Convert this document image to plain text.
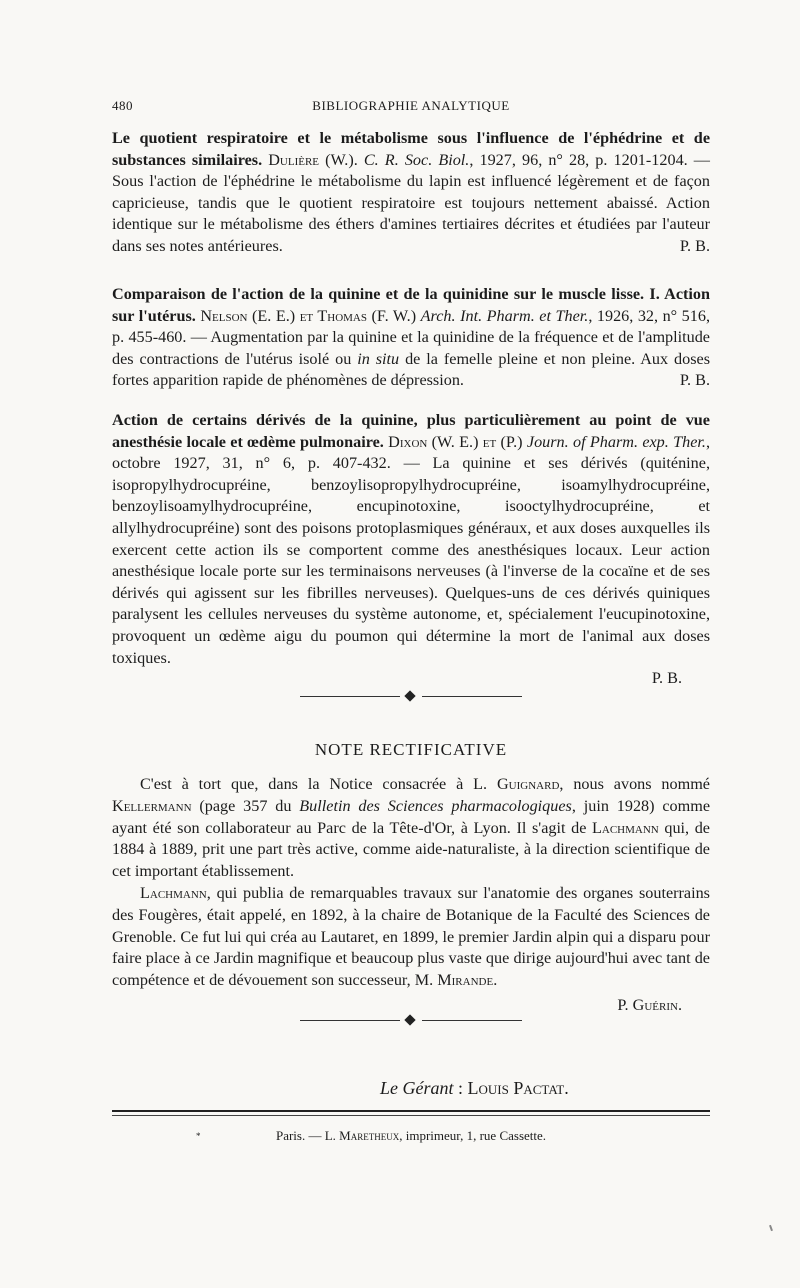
480	BIBLIOGRAPHIE ANALYTIQUE

Le quotient respiratoire et le métabolisme sous l'influence de l'éphédrine et de substances similaires. Dulière (W.). C. R. Soc. Biol., 1927, 96, n° 28, p. 1201-1204. — Sous l'action de l'éphédrine le métabolisme du lapin est influencé légèrement et de façon capricieuse, tandis que le quotient respiratoire est toujours nettement abaissé. Action identique sur le métabolisme des éthers d'amines tertiaires décrites et étudiées par l'auteur dans ses notes antérieures.	P. B.

Comparaison de l'action de la quinine et de la quinidine sur le muscle lisse. I. Action sur l'utérus. Nelson (E. E.) et Thomas (F. W.) Arch. Int. Pharm. et Ther., 1926, 32, n° 516, p. 455-460. — Augmentation par la quinine et la quinidine de la fréquence et de l'amplitude des contractions de l'utérus isolé ou in situ de la femelle pleine et non pleine. Aux doses fortes apparition rapide de phénomènes de dépression.	P. B.

Action de certains dérivés de la quinine, plus particulièrement au point de vue anesthésie locale et œdème pulmonaire. Dixon (W. E.) et (P.) Journ. of Pharm. exp. Ther., octobre 1927, 31, n° 6, p. 407-432. — La quinine et ses dérivés (quiténine, isopropylhydrocupréine, benzoylisopropylhydrocupréine, isoamylhydrocupréine, benzoylisoamylhydrocupréine, encupinotoxine, isooctylhydrocupréine, et allylhydrocupréine) sont des poisons protoplasmiques généraux, et aux doses auxquelles ils exercent cette action ils se comportent comme des anesthésiques locaux. Leur action anesthésique locale porte sur les terminaisons nerveuses (à l'inverse de la cocaïne et de ses dérivés qui agissent sur les fibrilles nerveuses). Quelques-uns de ces dérivés quiniques paralysent les cellules nerveuses du système autonome, et, spécialement l'eucupinotoxine, provoquent un œdème aigu du poumon qui détermine la mort de l'animal aux doses toxiques.

P. B.
NOTE RECTIFICATIVE

C'est à tort que, dans la Notice consacrée à L. Guignard, nous avons nommé Kellermann (page 357 du Bulletin des Sciences pharmacologiques, juin 1928) comme ayant été son collaborateur au Parc de la Tête-d'Or, à Lyon. Il s'agit de Lachmann qui, de 1884 à 1889, prit une part très active, comme aide-naturaliste, à la direction scientifique de cet important établissement.

Lachmann, qui publia de remarquables travaux sur l'anatomie des organes souterrains des Fougères, était appelé, en 1892, à la chaire de Botanique de la Faculté des Sciences de Grenoble. Ce fut lui qui créa au Lautaret, en 1899, le premier Jardin alpin qui a disparu pour faire place à ce Jardin magnifique et beaucoup plus vaste que dirige aujourd'hui avec tant de compétence et de dévouement son successeur, M. Mirande.

P. Guérin.
Le Gérant : Louis Pactat.
*	Paris. — L. Maretheux, imprimeur, 1, rue Cassette.
